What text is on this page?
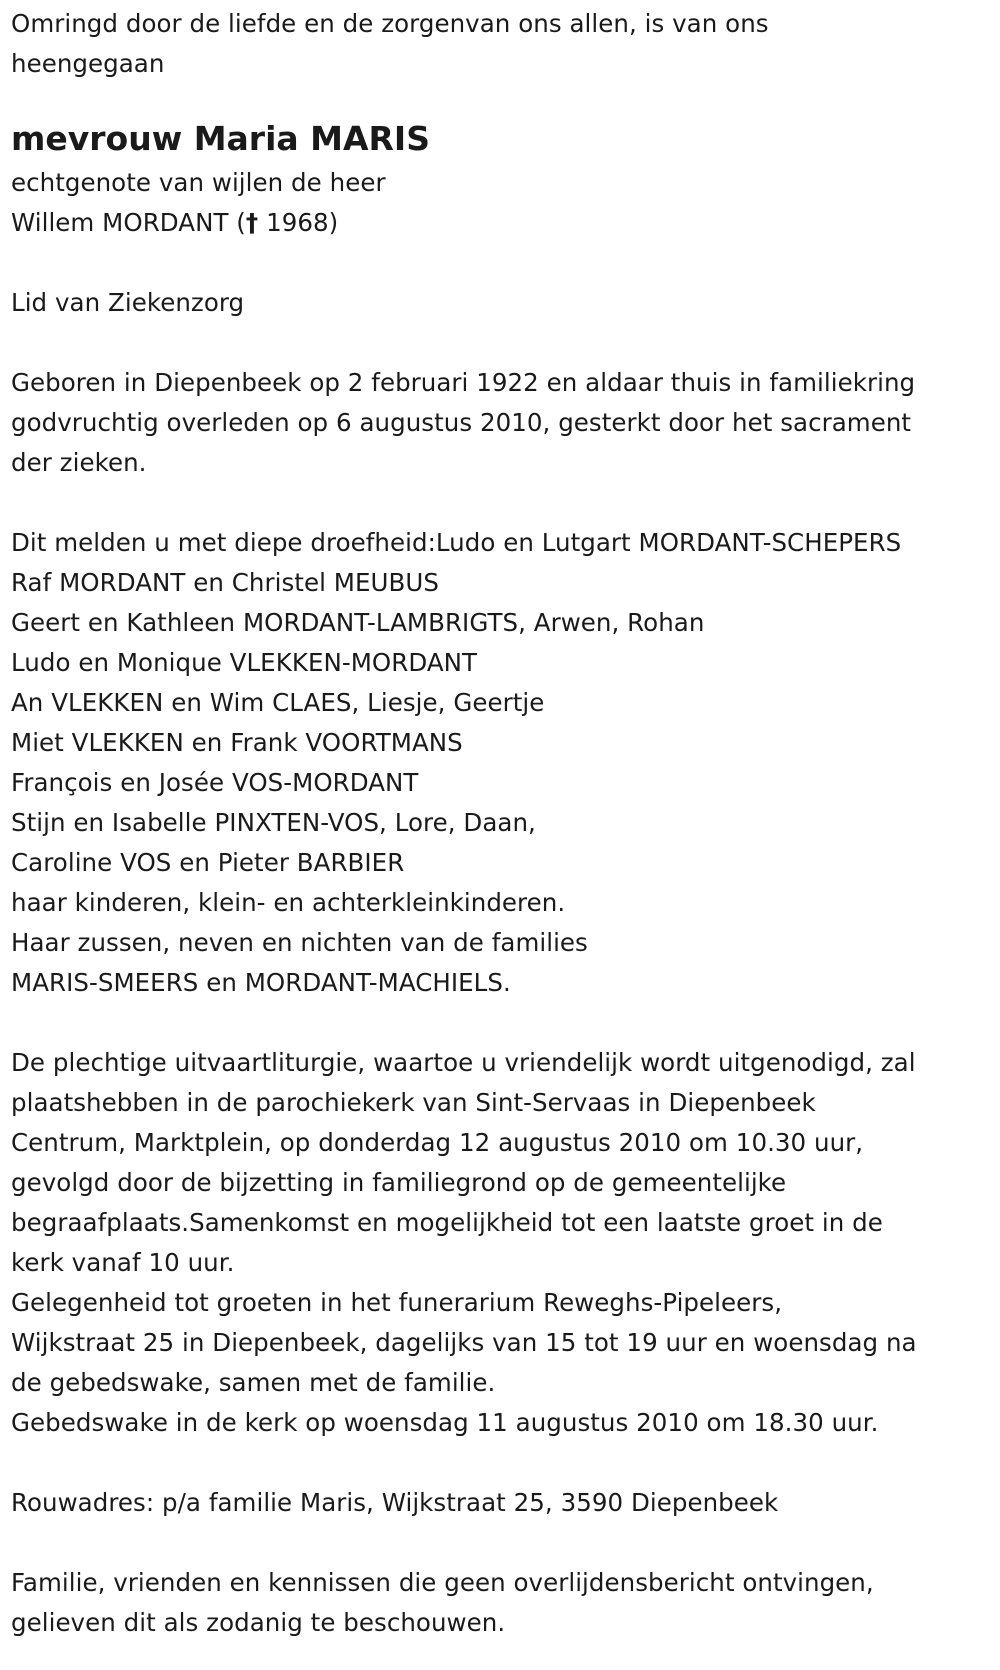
Omringd door de liefde en de zorgenvan ons allen, is van ons
heengegaan
mevrouw Maria MARIS
echtgenote van wijlen de heer
Willem MORDANT († 1968)
Lid van Ziekenzorg
Geboren in Diepenbeek op 2 februari 1922 en aldaar thuis in familiekring
godvruchtig overleden op 6 augustus 2010, gesterkt door het sacrament
der zieken.
Dit melden u met diepe droefheid:Ludo en Lutgart MORDANT-SCHEPERS
Raf MORDANT en Christel MEUBUS
Geert en Kathleen MORDANT-LAMBRIGTS, Arwen, Rohan
Ludo en Monique VLEKKEN-MORDANT
An VLEKKEN en Wim CLAES, Liesje, Geertje
Miet VLEKKEN en Frank VOORTMANS
François en Josée VOS-MORDANT
Stijn en Isabelle PINXTEN-VOS, Lore, Daan,
Caroline VOS en Pieter BARBIER
haar kinderen, klein- en achterkleinkinderen.
Haar zussen, neven en nichten van de families
MARIS-SMEERS en MORDANT-MACHIELS.
De plechtige uitvaartliturgie, waartoe u vriendelijk wordt uitgenodigd, zal
plaatshebben in de parochiekerk van Sint-Servaas in Diepenbeek
Centrum, Marktplein, op donderdag 12 augustus 2010 om 10.30 uur,
gevolgd door de bijzetting in familiegrond op de gemeentelijke
begraafplaats.Samenkomst en mogelijkheid tot een laatste groet in de
kerk vanaf 10 uur.
Gelegenheid tot groeten in het funerarium Reweghs-Pipeleers,
Wijkstraat 25 in Diepenbeek, dagelijks van 15 tot 19 uur en woensdag na
de gebedswake, samen met de familie.
Gebedswake in de kerk op woensdag 11 augustus 2010 om 18.30 uur.
Rouwadres: p/a familie Maris, Wijkstraat 25, 3590 Diepenbeek
Familie, vrienden en kennissen die geen overlijdensbericht ontvingen,
gelieven dit als zodanig te beschouwen.
